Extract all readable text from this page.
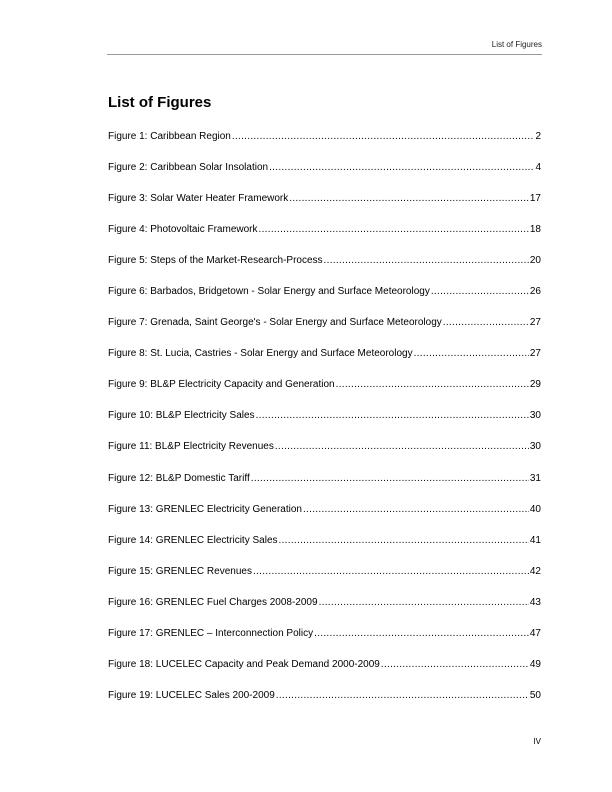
List of Figures
List of Figures
Figure 1: Caribbean Region .....	2
Figure 2: Caribbean Solar Insolation .....	4
Figure 3: Solar Water Heater Framework .....	17
Figure 4: Photovoltaic Framework .....	18
Figure 5: Steps of the Market-Research-Process .....	20
Figure 6: Barbados, Bridgetown - Solar Energy and Surface Meteorology .....	26
Figure 7: Grenada, Saint George's - Solar Energy and Surface Meteorology .....	27
Figure 8: St. Lucia, Castries - Solar Energy and Surface Meteorology .....	27
Figure 9: BL&P Electricity Capacity and Generation .....	29
Figure 10: BL&P Electricity Sales .....	30
Figure 11: BL&P Electricity Revenues .....	30
Figure 12: BL&P Domestic Tariff .....	31
Figure 13: GRENLEC Electricity Generation .....	40
Figure 14: GRENLEC Electricity Sales .....	41
Figure 15: GRENLEC Revenues .....	42
Figure 16: GRENLEC Fuel Charges 2008-2009 .....	43
Figure 17: GRENLEC – Interconnection Policy .....	47
Figure 18: LUCELEC Capacity and Peak Demand 2000-2009 .....	49
Figure 19: LUCELEC Sales 200-2009 .....	50
IV
